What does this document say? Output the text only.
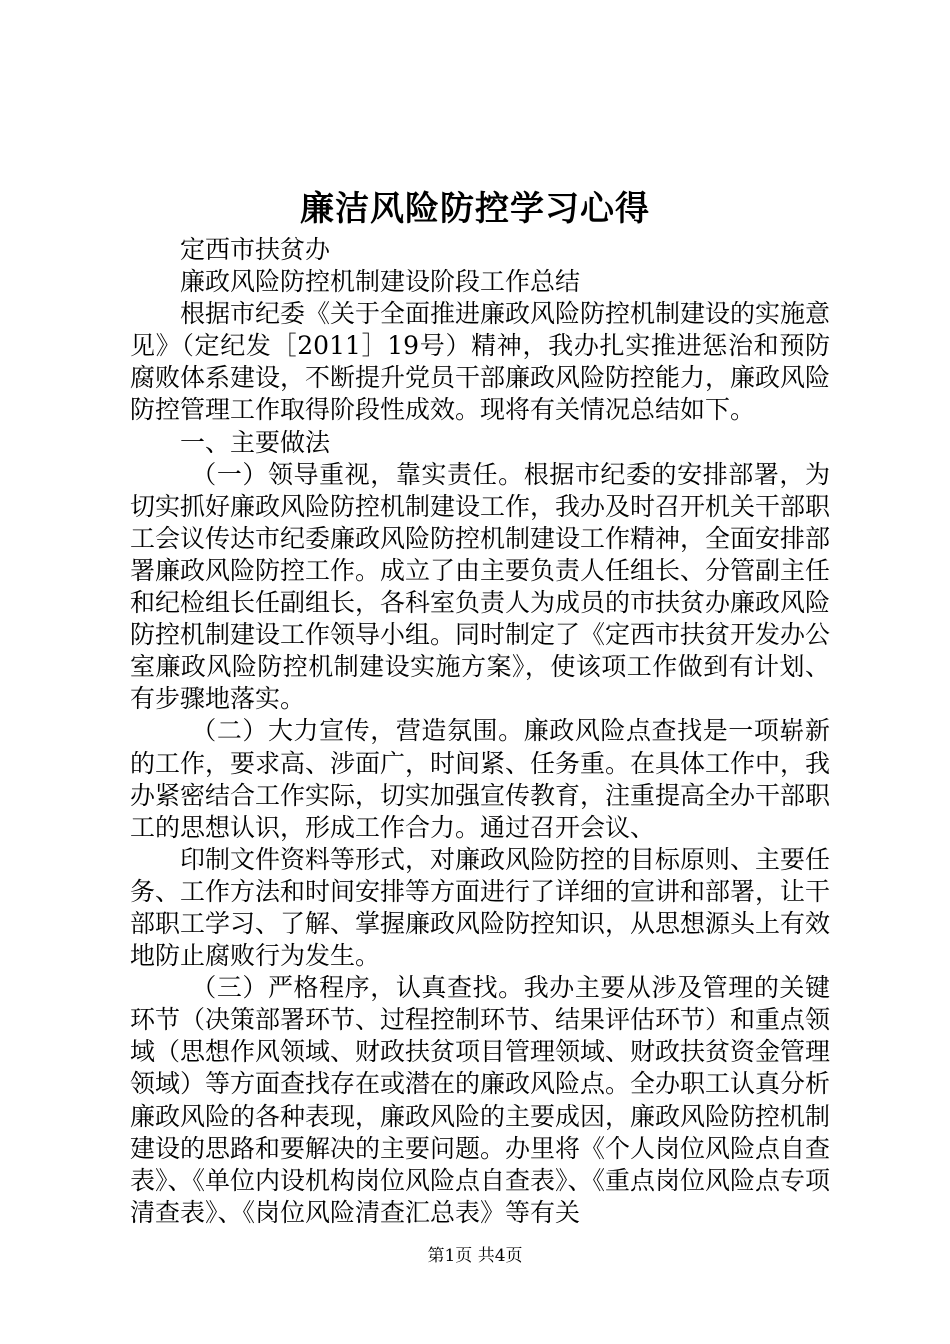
廉洁风险防控学习心得

定西市扶贫办

廉政风险防控机制建设阶段工作总结

根据市纪委《关于全面推进廉政风险防控机制建设的实施意见》（定纪发［2011］19号）精神，我办扎实推进惩治和预防腐败体系建设，不断提升党员干部廉政风险防控能力，廉政风险防控管理工作取得阶段性成效。现将有关情况总结如下。

一、主要做法

（一）领导重视，靠实责任。根据市纪委的安排部署，为切实抓好廉政风险防控机制建设工作，我办及时召开机关干部职工会议传达市纪委廉政风险防控机制建设工作精神，全面安排部署廉政风险防控工作。成立了由主要负责人任组长、分管副主任和纪检组长任副组长，各科室负责人为成员的市扶贫办廉政风险防控机制建设工作领导小组。同时制定了《定西市扶贫开发办公室廉政风险防控机制建设实施方案》，使该项工作做到有计划、有步骤地落实。

（二）大力宣传，营造氛围。廉政风险点查找是一项崭新的工作，要求高、涉面广，时间紧、任务重。在具体工作中，我办紧密结合工作实际，切实加强宣传教育，注重提高全办干部职工的思想认识，形成工作合力。通过召开会议、

印制文件资料等形式，对廉政风险防控的目标原则、主要任务、工作方法和时间安排等方面进行了详细的宣讲和部署，让干部职工学习、了解、掌握廉政风险防控知识，从思想源头上有效地防止腐败行为发生。

（三）严格程序，认真查找。我办主要从涉及管理的关键环节（决策部署环节、过程控制环节、结果评估环节）和重点领域（思想作风领域、财政扶贫项目管理领域、财政扶贫资金管理领域）等方面查找存在或潜在的廉政风险点。全办职工认真分析廉政风险的各种表现，廉政风险的主要成因，廉政风险防控机制建设的思路和要解决的主要问题。办里将《个人岗位风险点自查表》、《单位内设机构岗位风险点自查表》、《重点岗位风险点专项清查表》、《岗位风险清查汇总表》等有关

第1页 共4页
